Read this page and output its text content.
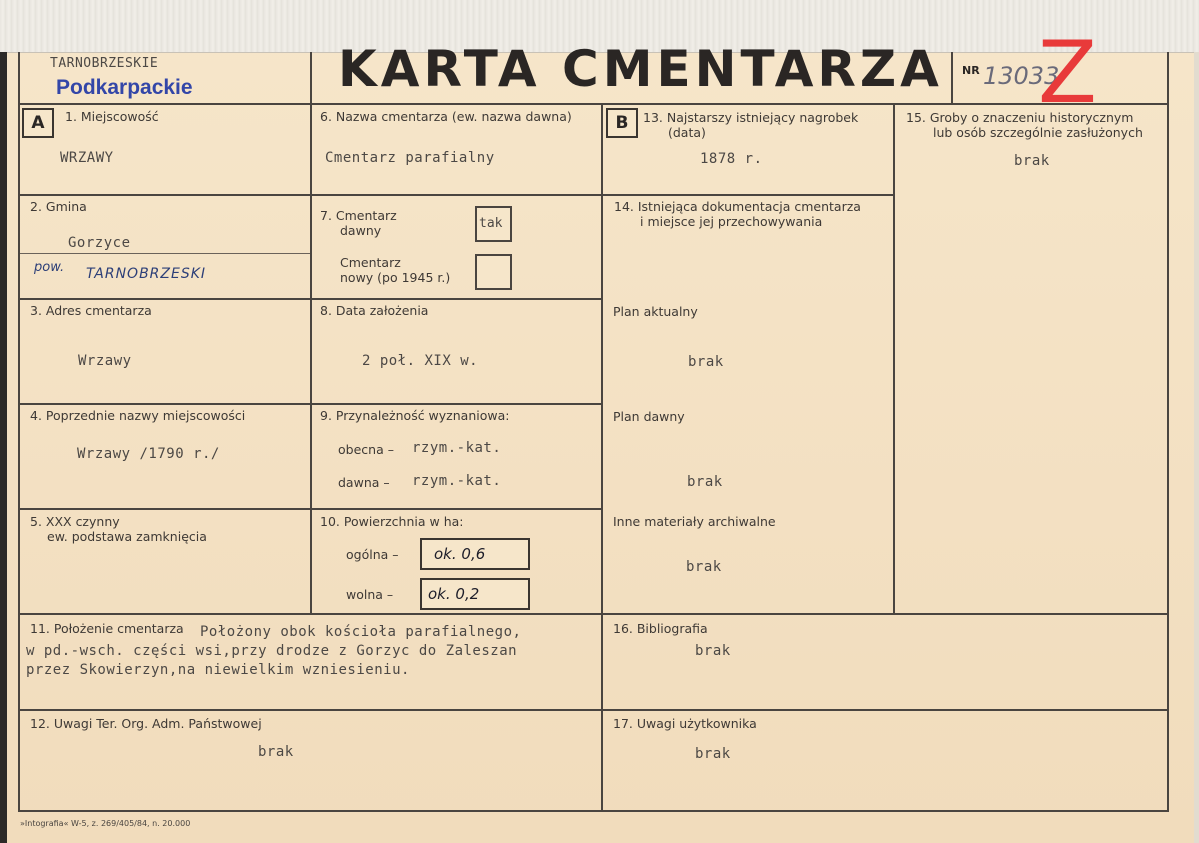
TARNOBRZESKIE
Podkarpackie	KARTA CMENTARZA NR 13033
Z
A	B
1. Miejscowość
WRZAWY
2. Gmina
Gorzyce
pow. TARNOBRZESKI
3. Adres cmentarza
Wrzawy
4. Poprzednie nazwy miejscowości
Wrzawy /1790 r./
5. XXX czynny
ew. podstawa zamknięcia
6. Nazwa cmentarza (ew. nazwa dawna)
Cmentarz parafialny
7. Cmentarz
dawny	tak
Cmentarz
nowy (po 1945 r.)
8. Data założenia
2 poł. XIX w.
9. Przynależność wyznaniowa:
obecna – rzym.-kat.
dawna – rzym.-kat.
10. Powierzchnia w ha:
ogólna – ok. 0,6
wolna – ok. 0,2
11. Położenie cmentarza Położony obok kościoła parafialnego,
w pd.-wsch. części wsi,przy drodze z Gorzyc do Zaleszan
przez Skowierzyn,na niewielkim wzniesieniu.
12. Uwagi Ter. Org. Adm. Państwowej
brak
13. Najstarszy istniejący nagrobek
(data)
1878 r.
14. Istniejąca dokumentacja cmentarza
i miejsce jej przechowywania
Plan aktualny
brak
Plan dawny
brak
Inne materiały archiwalne
brak
15. Groby o znaczeniu historycznym
lub osób szczególnie zasłużonych
brak
16. Bibliografia
brak
17. Uwagi użytkownika
brak
»Intografia« W-5, z. 269/405/84, n. 20.000
